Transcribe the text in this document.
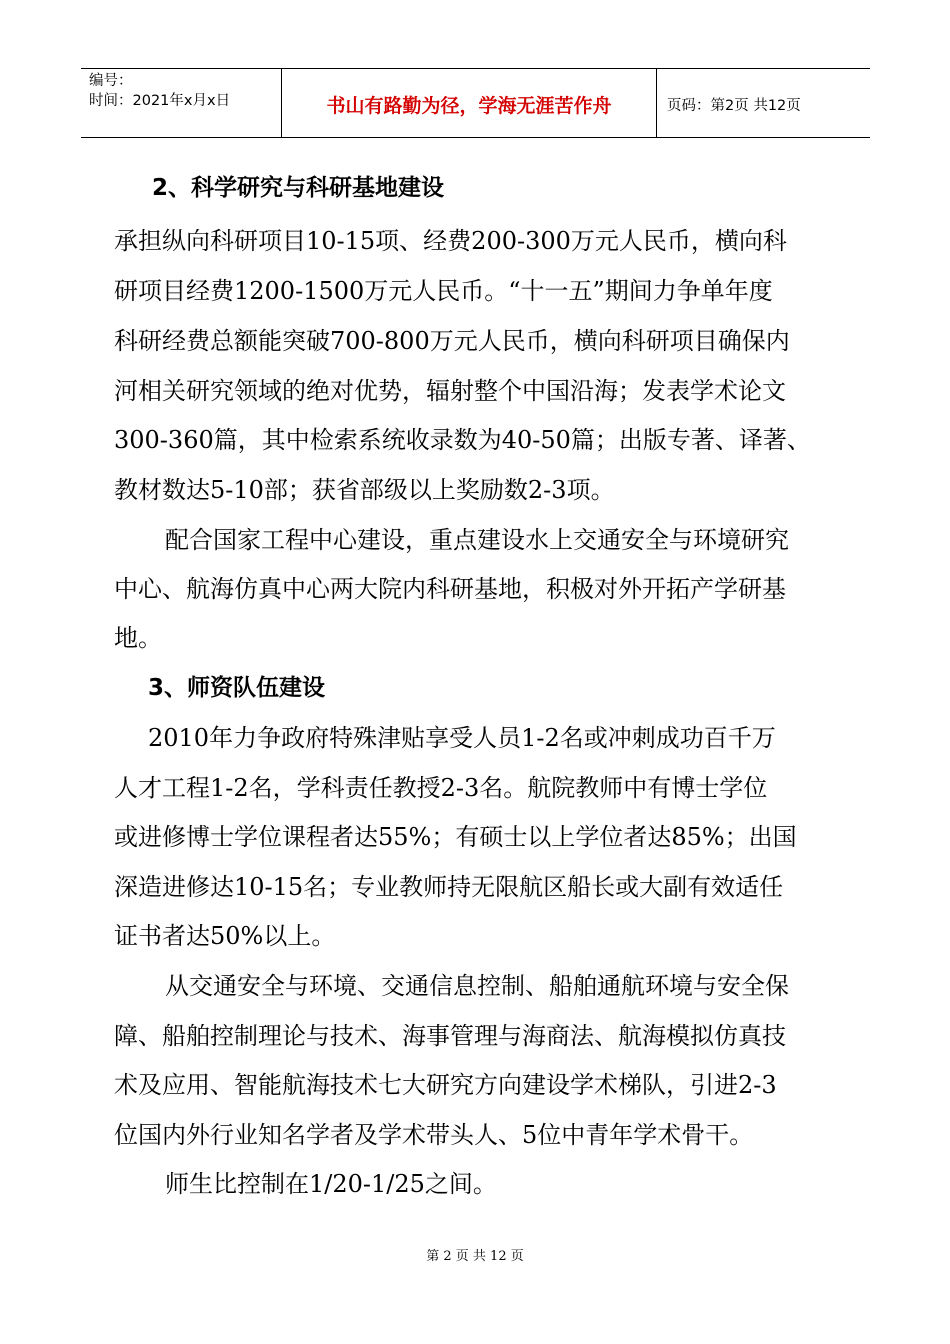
编号：
时间：2021年x月x日	书山有路勤为径，学海无涯苦作舟	页码：第2页 共12页
2、科学研究与科研基地建设
承担纵向科研项目10-15项、经费200-300万元人民币，横向科
研项目经费1200-1500万元人民币。“十一五”期间力争单年度
科研经费总额能突破700-800万元人民币，横向科研项目确保内
河相关研究领域的绝对优势，辐射整个中国沿海；发表学术论文
300-360篇，其中检索系统收录数为40-50篇；出版专著、译著、
教材数达5-10部；获省部级以上奖励数2-3项。
配合国家工程中心建设，重点建设水上交通安全与环境研究
中心、航海仿真中心两大院内科研基地，积极对外开拓产学研基
地。
3、师资队伍建设
2010年力争政府特殊津贴享受人员1-2名或冲刺成功百千万
人才工程1-2名，学科责任教授2-3名。航院教师中有博士学位
或进修博士学位课程者达55%；有硕士以上学位者达85%；出国
深造进修达10-15名；专业教师持无限航区船长或大副有效适任
证书者达50%以上。
从交通安全与环境、交通信息控制、船舶通航环境与安全保
障、船舶控制理论与技术、海事管理与海商法、航海模拟仿真技
术及应用、智能航海技术七大研究方向建设学术梯队，引进2-3
位国内外行业知名学者及学术带头人、5位中青年学术骨干。
师生比控制在1/20-1/25之间。
第 2 页 共 12 页
